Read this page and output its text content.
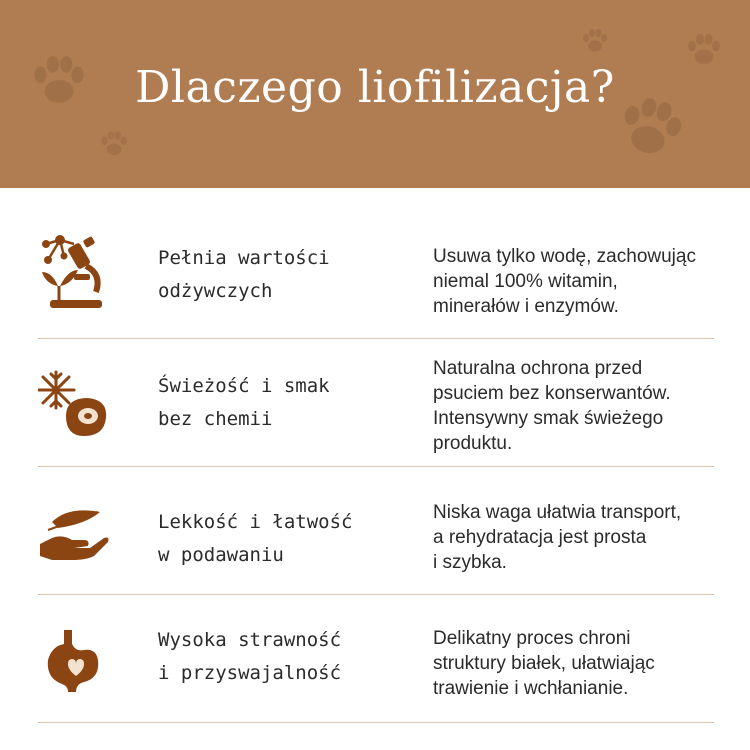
Dlaczego liofilizacja?
Pełnia wartości
odżywczych
Usuwa tylko wodę, zachowując
niemal 100% witamin,
minerałów i enzymów.
Świeżość i smak
bez chemii
Naturalna ochrona przed
psuciem bez konserwantów.
Intensywny smak świeżego
produktu.
Lekkość i łatwość
w podawaniu
Niska waga ułatwia transport,
a rehydratacja jest prosta
i szybka.
Wysoka strawność
i przyswajalność
Delikatny proces chroni
struktury białek, ułatwiając
trawienie i wchłanianie.
